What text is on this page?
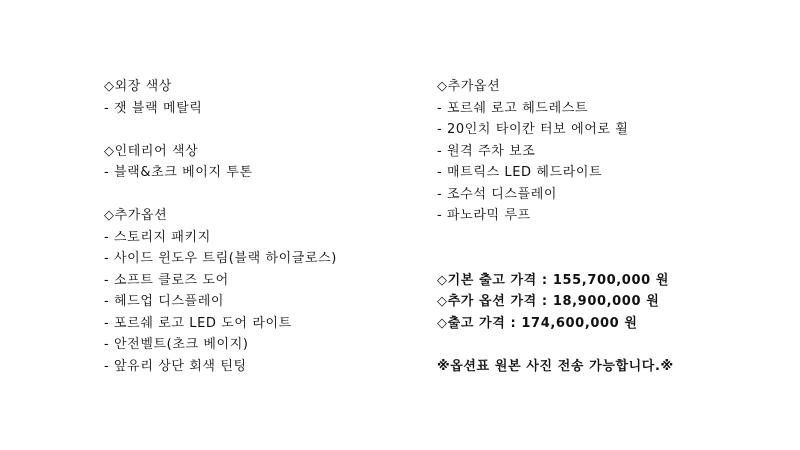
◇외장 색상
- 잿 블랙 메탈릭
◇인테리어 색상
- 블랙&초크 베이지 투톤
◇추가옵션
- 스토리지 패키지
- 사이드 윈도우 트림(블랙 하이글로스)
- 소프트 클로즈 도어
- 헤드업 디스플레이
- 포르쉐 로고 LED 도어 라이트
- 안전벨트(초크 베이지)
- 앞유리 상단 회색 틴팅
◇추가옵션
- 포르쉐 로고 헤드레스트
- 20인치 타이칸 터보 에어로 휠
- 원격 주차 보조
- 매트릭스 LED 헤드라이트
- 조수석 디스플레이
- 파노라믹 루프
◇기본 출고 가격 : 155,700,000 원
◇추가 옵션 가격 : 18,900,000 원
◇출고 가격 : 174,600,000 원
※옵션표 원본 사진 전송 가능합니다.※
